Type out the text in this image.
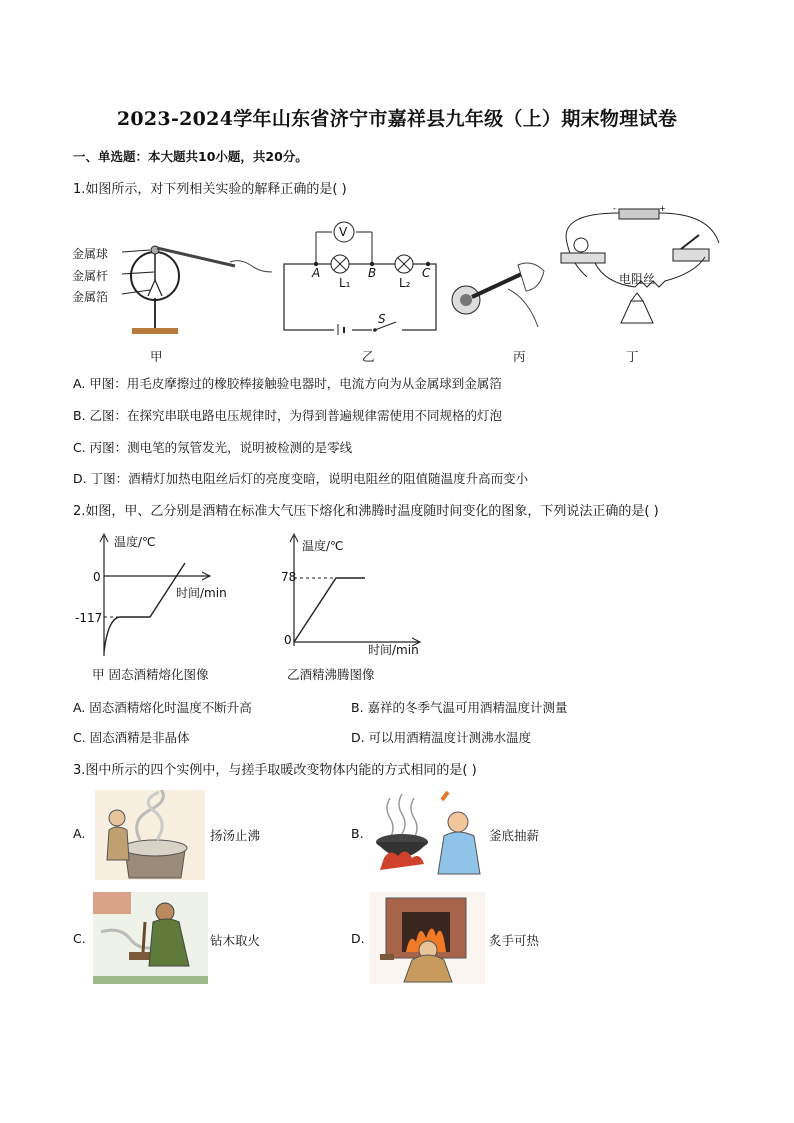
2023-2024学年山东省济宁市嘉祥县九年级（上）期末物理试卷
一、单选题：本大题共10小题，共20分。
1.如图所示，对下列相关实验的解释正确的是( )
金属球
金属杆
金属箔
V
A	B	C
L₁	L₂
S
-	+
电阻丝
甲	乙	丙	丁
A. 甲图：用毛皮摩擦过的橡胶棒接触验电器时，电流方向为从金属球到金属箔
B. 乙图：在探究串联电路电压规律时，为得到普遍规律需使用不同规格的灯泡
C. 丙图：测电笔的氖管发光，说明被检测的是零线
D. 丁图：酒精灯加热电阻丝后灯的亮度变暗，说明电阻丝的阻值随温度升高而变小
2.如图，甲、乙分别是酒精在标准大气压下熔化和沸腾时温度随时间变化的图象，下列说法正确的是( )
温度/℃
0
时间/min
-117
甲 固态酒精熔化图像
温度/℃
78
0
时间/min
乙酒精沸腾图像
A. 固态酒精熔化时温度不断升高	B. 嘉祥的冬季气温可用酒精温度计测量
C. 固态酒精是非晶体	D. 可以用酒精温度计测沸水温度
3.图中所示的四个实例中，与搓手取暖改变物体内能的方式相同的是( )
A.	扬汤止沸	B.	釜底抽薪
C.	钻木取火	D.	炙手可热
